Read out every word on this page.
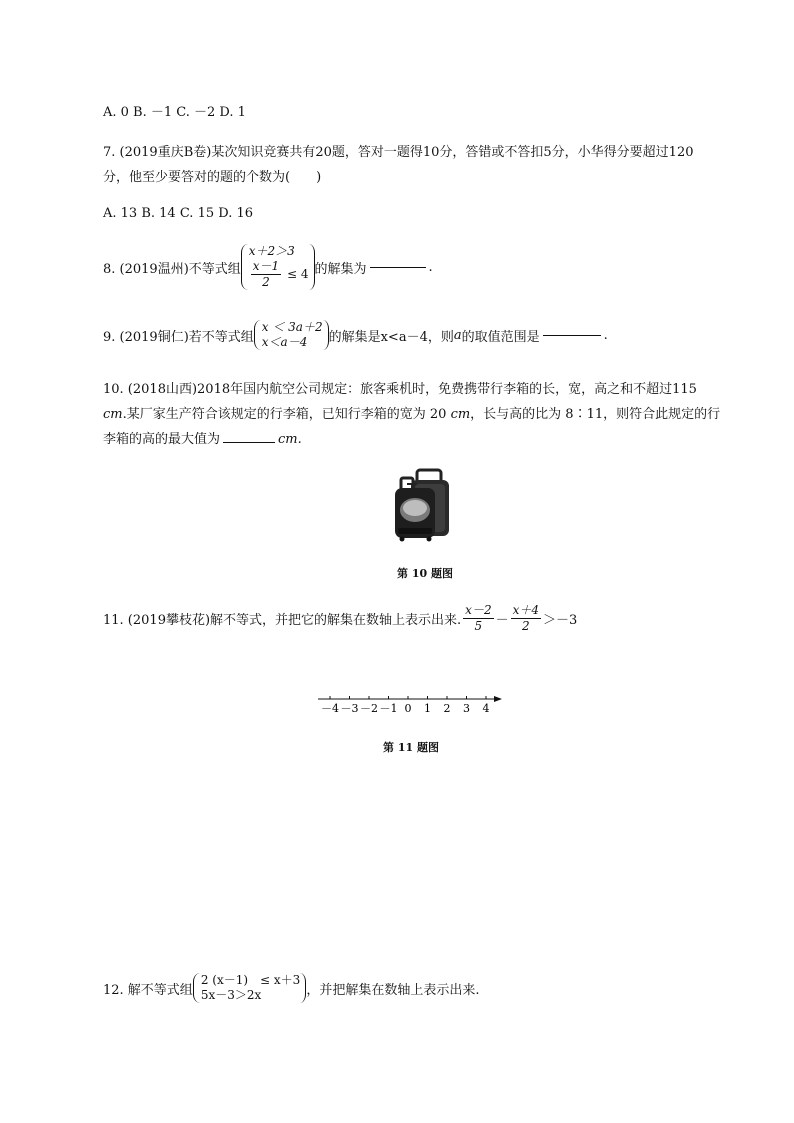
A. 0 B. －1 C. －2 D. 1
7. (2019重庆B卷)某次知识竞赛共有20题，答对一题得10分，答错或不答扣5分，小华得分要超过120
分，他至少要答对的题的个数为(　　)
A. 13 B. 14 C. 15 D. 16
8. (2019温州)不等式组
x＋2＞3
$\frac{x-1}{2} \le 4$ 的解集为	.
9. (2019铜仁)若不等式组
x ＜ 3a＋2
x＜a－4	的解集是x<a－4，则 a 的取值范围是	.
10. (2018山西)2018年国内航空公司规定：旅客乘机时，免费携带行李箱的长，宽，高之和不超过115
cm.某厂家生产符合该规定的行李箱，已知行李箱的宽为 20 cm，长与高的比为 8∶11，则符合此规定的行
李箱的高的最大值为	cm.
第 10 题图
11. (2019攀枝花)解不等式，并把它的解集在数轴上表示出来. $\frac{x-2}{5} - \frac{x+4}{2} >-3$
－4 －3 －2 －1 0 1 2 3 4
第 11 题图
12. 解不等式组
2 (x－1)　≤ x＋3
5x－3＞2x	，并把解集在数轴上表示出来.
